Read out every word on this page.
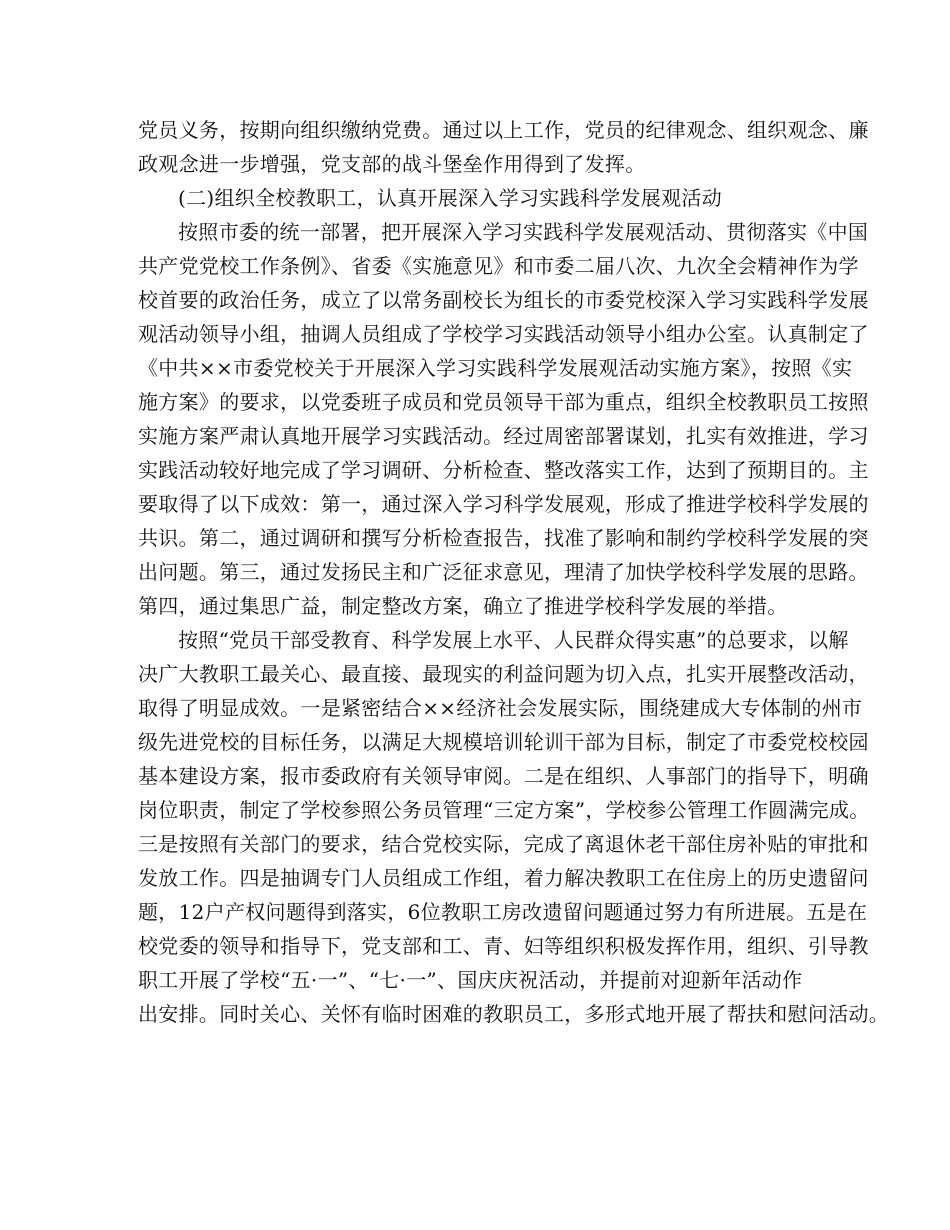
党员义务，按期向组织缴纳党费。通过以上工作，党员的纪律观念、组织观念、廉
政观念进一步增强，党支部的战斗堡垒作用得到了发挥。
(二)组织全校教职工，认真开展深入学习实践科学发展观活动
按照市委的统一部署，把开展深入学习实践科学发展观活动、贯彻落实《中国
共产党党校工作条例》、省委《实施意见》和市委二届八次、九次全会精神作为学
校首要的政治任务，成立了以常务副校长为组长的市委党校深入学习实践科学发展
观活动领导小组，抽调人员组成了学校学习实践活动领导小组办公室。认真制定了
《中共××市委党校关于开展深入学习实践科学发展观活动实施方案》，按照《实
施方案》的要求，以党委班子成员和党员领导干部为重点，组织全校教职员工按照
实施方案严肃认真地开展学习实践活动。经过周密部署谋划，扎实有效推进，学习
实践活动较好地完成了学习调研、分析检查、整改落实工作，达到了预期目的。主
要取得了以下成效：第一，通过深入学习科学发展观，形成了推进学校科学发展的
共识。第二，通过调研和撰写分析检查报告，找准了影响和制约学校科学发展的突
出问题。第三，通过发扬民主和广泛征求意见，理清了加快学校科学发展的思路。
第四，通过集思广益，制定整改方案，确立了推进学校科学发展的举措。
按照“党员干部受教育、科学发展上水平、人民群众得实惠”的总要求，以解
决广大教职工最关心、最直接、最现实的利益问题为切入点，扎实开展整改活动，
取得了明显成效。一是紧密结合××经济社会发展实际，围绕建成大专体制的州市
级先进党校的目标任务，以满足大规模培训轮训干部为目标，制定了市委党校校园
基本建设方案，报市委政府有关领导审阅。二是在组织、人事部门的指导下，明确
岗位职责，制定了学校参照公务员管理“三定方案”，学校参公管理工作圆满完成。
三是按照有关部门的要求，结合党校实际，完成了离退休老干部住房补贴的审批和
发放工作。四是抽调专门人员组成工作组，着力解决教职工在住房上的历史遗留问
题，12户产权问题得到落实，6位教职工房改遗留问题通过努力有所进展。五是在
校党委的领导和指导下，党支部和工、青、妇等组织积极发挥作用，组织、引导教
职工开展了学校“五·一”、“七·一”、国庆庆祝活动，并提前对迎新年活动作
出安排。同时关心、关怀有临时困难的教职员工，多形式地开展了帮扶和慰问活动。
